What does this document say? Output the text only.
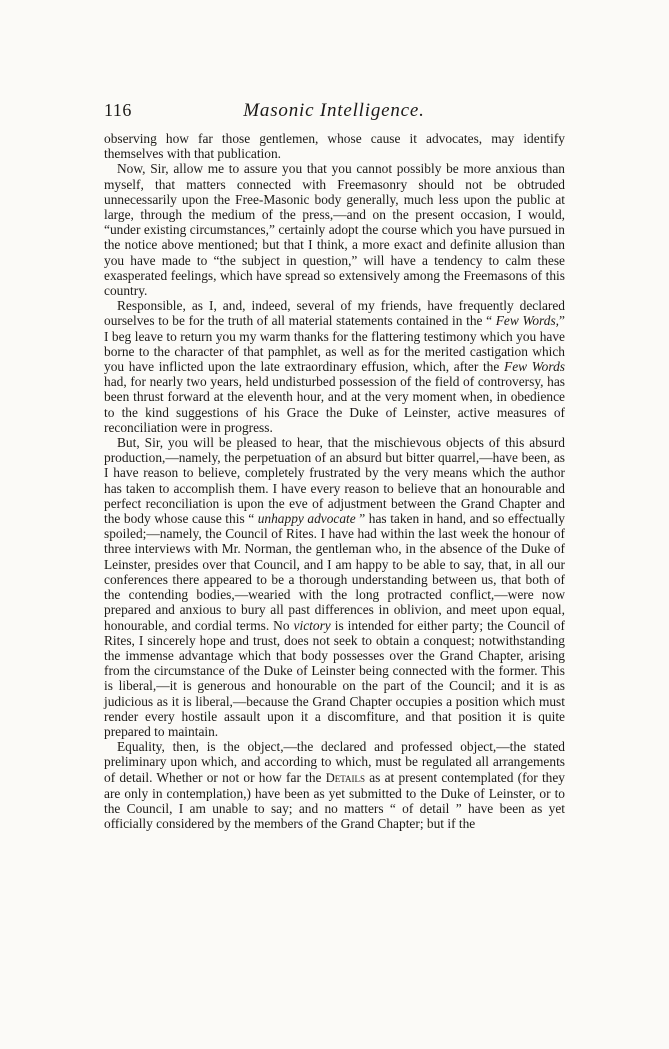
116	Masonic Intelligence.

observing how far those gentlemen, whose cause it advocates, may identify themselves with that publication.

Now, Sir, allow me to assure you that you cannot possibly be more anxious than myself, that matters connected with Freemasonry should not be obtruded unnecessarily upon the Free-Masonic body generally, much less upon the public at large, through the medium of the press,—and on the present occasion, I would, “under existing circumstances,” certainly adopt the course which you have pursued in the notice above mentioned; but that I think, a more exact and definite allusion than you have made to “the subject in question,” will have a tendency to calm these exasperated feelings, which have spread so extensively among the Freemasons of this country.

Responsible, as I, and, indeed, several of my friends, have frequently declared ourselves to be for the truth of all material statements contained in the “ Few Words,” I beg leave to return you my warm thanks for the flattering testimony which you have borne to the character of that pamphlet, as well as for the merited castigation which you have inflicted upon the late extraordinary effusion, which, after the Few Words had, for nearly two years, held undisturbed possession of the field of controversy, has been thrust forward at the eleventh hour, and at the very moment when, in obedience to the kind suggestions of his Grace the Duke of Leinster, active measures of reconciliation were in progress.

But, Sir, you will be pleased to hear, that the mischievous objects of this absurd production,—namely, the perpetuation of an absurd but bitter quarrel,—have been, as I have reason to believe, completely frustrated by the very means which the author has taken to accomplish them. I have every reason to believe that an honourable and perfect reconciliation is upon the eve of adjustment between the Grand Chapter and the body whose cause this “ unhappy advocate ” has taken in hand, and so effectually spoiled;—namely, the Council of Rites. I have had within the last week the honour of three interviews with Mr. Norman, the gentleman who, in the absence of the Duke of Leinster, presides over that Council, and I am happy to be able to say, that, in all our conferences there appeared to be a thorough understanding between us, that both of the contending bodies,—wearied with the long protracted conflict,—were now prepared and anxious to bury all past differences in oblivion, and meet upon equal, honourable, and cordial terms. No victory is intended for either party; the Council of Rites, I sincerely hope and trust, does not seek to obtain a conquest; notwithstanding the immense advantage which that body possesses over the Grand Chapter, arising from the circumstance of the Duke of Leinster being connected with the former. This is liberal,—it is generous and honourable on the part of the Council; and it is as judicious as it is liberal,—because the Grand Chapter occupies a position which must render every hostile assault upon it a discomfiture, and that position it is quite prepared to maintain.

Equality, then, is the object,—the declared and professed object,—the stated preliminary upon which, and according to which, must be regulated all arrangements of detail. Whether or not or how far the Details as at present contemplated (for they are only in contemplation,) have been as yet submitted to the Duke of Leinster, or to the Council, I am unable to say; and no matters “ of detail ” have been as yet officially considered by the members of the Grand Chapter; but if the
